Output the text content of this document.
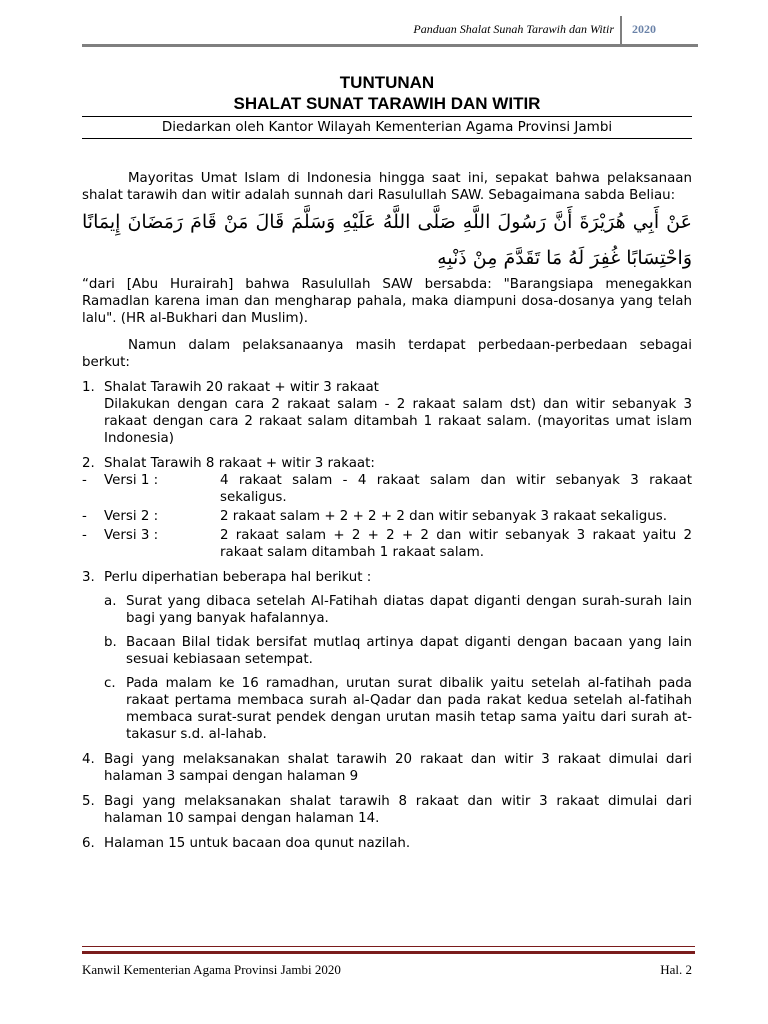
Panduan Shalat Sunah Tarawih dan Witir 2020
TUNTUNAN
SHALAT SUNAT TARAWIH DAN WITIR
Diedarkan oleh Kantor Wilayah Kementerian Agama Provinsi Jambi

Mayoritas Umat Islam di Indonesia hingga saat ini, sepakat bahwa pelaksanaan shalat tarawih dan witir adalah sunnah dari Rasulullah SAW. Sebagaimana sabda Beliau:

عَنْ أَبِي هُرَيْرَةَ أَنَّ رَسُولَ اللَّهِ صَلَّى اللَّهُ عَلَيْهِ وَسَلَّمَ قَالَ مَنْ قَامَ رَمَضَانَ إِيمَانًا وَاحْتِسَابًا غُفِرَ لَهُ مَا تَقَدَّمَ مِنْ ذَنْبِهِ

“dari [Abu Hurairah] bahwa Rasulullah SAW bersabda: "Barangsiapa menegakkan Ramadlan karena iman dan mengharap pahala, maka diampuni dosa-dosanya yang telah lalu". (HR al-Bukhari dan Muslim).

Namun dalam pelaksanaanya masih terdapat perbedaan-perbedaan sebagai berkut:

1. Shalat Tarawih 20 rakaat + witir 3 rakaat
Dilakukan dengan cara 2 rakaat salam - 2 rakaat salam dst) dan witir sebanyak 3 rakaat dengan cara 2 rakaat salam ditambah 1 rakaat salam. (mayoritas umat islam Indonesia)
2. Shalat Tarawih 8 rakaat + witir 3 rakaat:
- Versi 1 :	4 rakaat salam - 4 rakaat salam dan witir sebanyak 3 rakaat sekaligus.
- Versi 2 :	2 rakaat salam + 2 + 2 + 2 dan witir sebanyak 3 rakaat sekaligus.
- Versi 3 :	2 rakaat salam + 2 + 2 + 2 dan witir sebanyak 3 rakaat yaitu 2 rakaat salam ditambah 1 rakaat salam.
3. Perlu diperhatian beberapa hal berikut :
a. Surat yang dibaca setelah Al-Fatihah diatas dapat diganti dengan surah-surah lain bagi yang banyak hafalannya.
b. Bacaan Bilal tidak bersifat mutlaq artinya dapat diganti dengan bacaan yang lain sesuai kebiasaan setempat.
c. Pada malam ke 16 ramadhan, urutan surat dibalik yaitu setelah al-fatihah pada rakaat pertama membaca surah al-Qadar dan pada rakat kedua setelah al-fatihah membaca surat-surat pendek dengan urutan masih tetap sama yaitu dari surah at-takasur s.d. al-lahab.
4. Bagi yang melaksanakan shalat tarawih 20 rakaat dan witir 3 rakaat dimulai dari halaman 3 sampai dengan halaman 9
5. Bagi yang melaksanakan shalat tarawih 8 rakaat dan witir 3 rakaat dimulai dari halaman 10 sampai dengan halaman 14.
6. Halaman 15 untuk bacaan doa qunut nazilah.
Kanwil Kementerian Agama Provinsi Jambi 2020	Hal. 2
